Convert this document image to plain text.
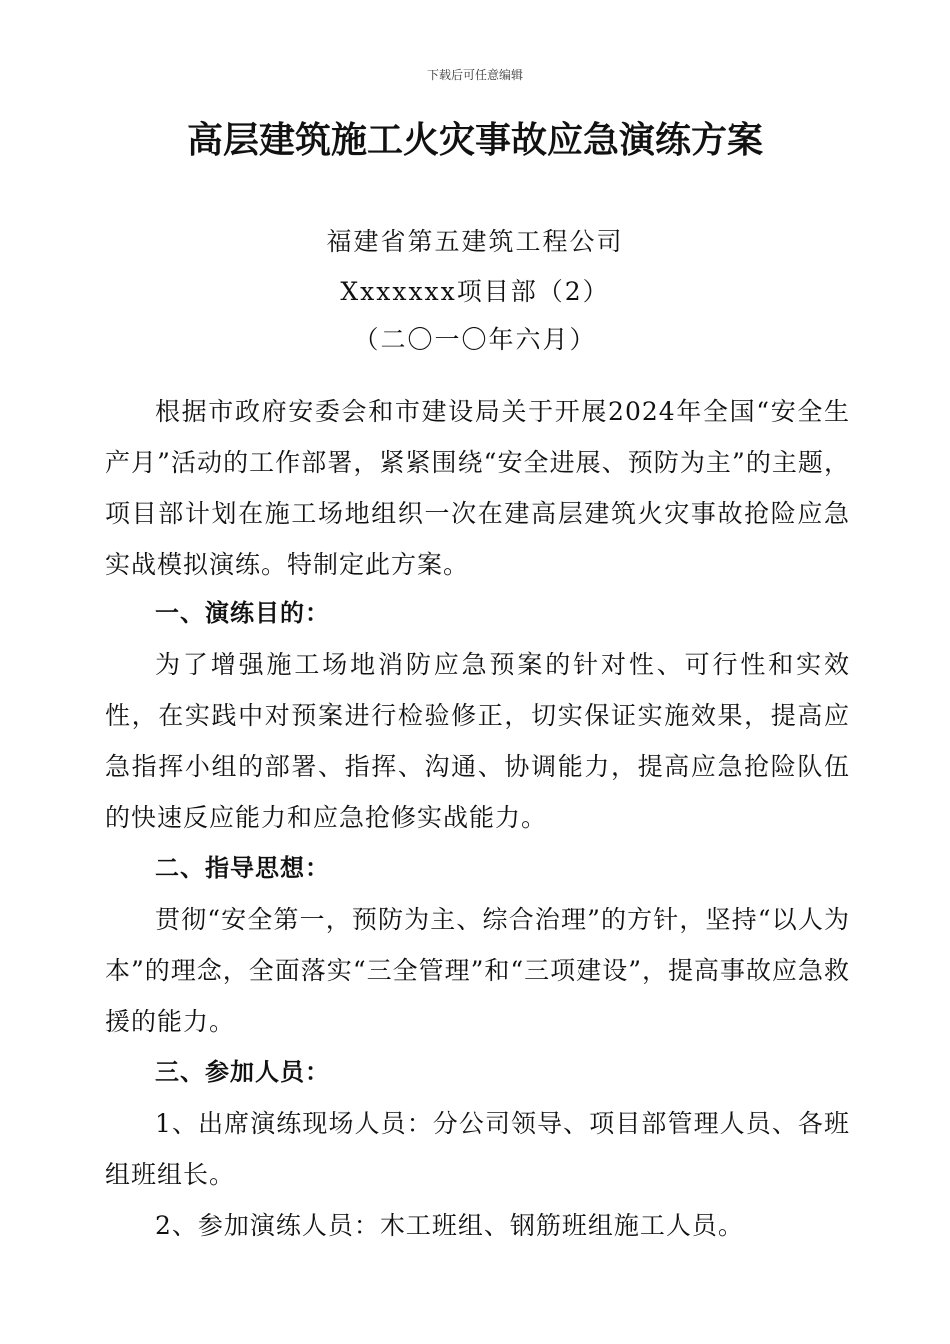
下载后可任意编辑
高层建筑施工火灾事故应急演练方案
福建省第五建筑工程公司
Xxxxxxx项目部（2）
（二〇一〇年六月）

根据市政府安委会和市建设局关于开展2024年全国“安全生产月”活动的工作部署，紧紧围绕“安全进展、预防为主”的主题，项目部计划在施工场地组织一次在建高层建筑火灾事故抢险应急实战模拟演练。特制定此方案。

一、演练目的：

为了增强施工场地消防应急预案的针对性、可行性和实效性，在实践中对预案进行检验修正，切实保证实施效果，提高应急指挥小组的部署、指挥、沟通、协调能力，提高应急抢险队伍的快速反应能力和应急抢修实战能力。

二、指导思想：

贯彻“安全第一，预防为主、综合治理”的方针，坚持“以人为本”的理念，全面落实“三全管理”和“三项建设”，提高事故应急救援的能力。

三、参加人员：

1、出席演练现场人员：分公司领导、项目部管理人员、各班组班组长。

2、参加演练人员：木工班组、钢筋班组施工人员。
